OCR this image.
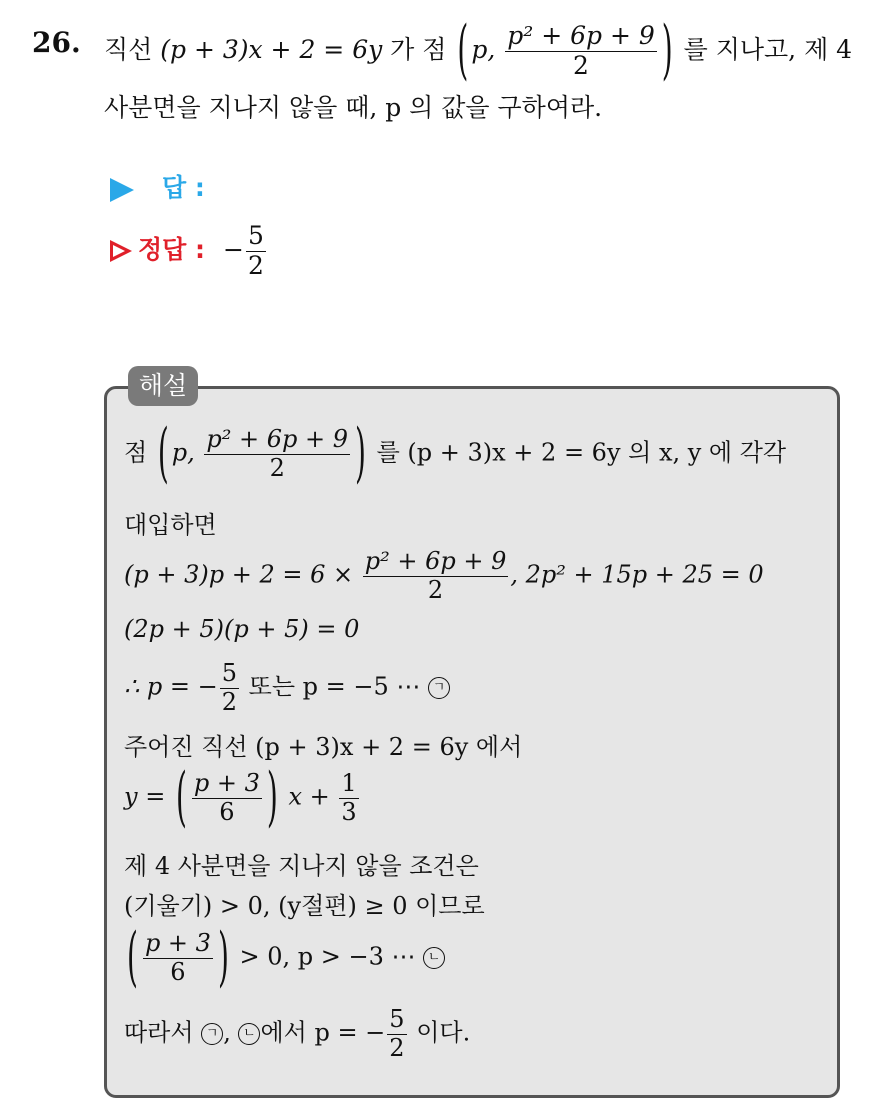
26. 직선 (p + 3)x + 2 = 6y 가 점 ( p, $\frac{\text{p² + 6p + 9}}{2}$ ) 를 지나고, 제 4
사분면을 지나지 않을 때, p 의 값을 구하여라.
답 :
정답 : − $\frac{5}{2}$
해설
점 ( p, $\frac{\text{p² + 6p + 9}}{2}$ ) 를 (p + 3)x + 2 = 6y 의 x, y 에 각각
대입하면
$(p + 3)p + 2 = 6 \times \frac{\text{p² + 6p + 9}}{2}$ , 2p² + 15p + 25 = 0
(2p + 5)(p + 5) = 0
∴ p = − $\frac{5}{2}$ 또는 p = −5 ⋯ ㄱ
주어진 직선 (p + 3)x + 2 = 6y 에서
y = ( $\frac{p + 3}{6}$ ) $x + \frac{1}{3}$
제 4 사분면을 지나지 않을 조건은
(기울기) > 0, (y절편) ≥ 0 이므로
( $\frac{p + 3}{6}$ ) > 0, p > −3 ⋯ ㄴ
따라서 ㄱ , ㄴ 에서 p = − $\frac{5}{2}$ 이다.
